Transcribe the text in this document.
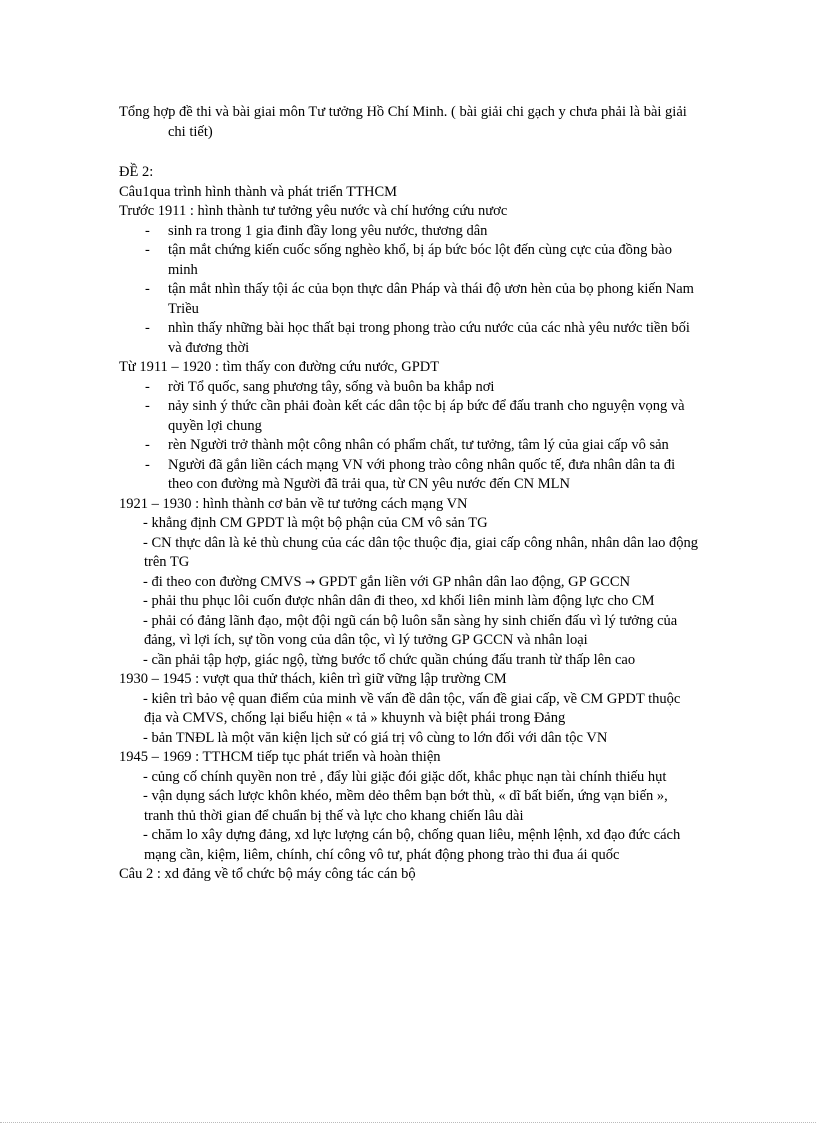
Tổng hợp đề thi và bài giai môn Tư tưởng Hồ Chí Minh. ( bài giải chi gạch y chưa phải là bài giải chi tiết)

ĐỀ 2:

Câu1qua trình hình thành và phát triển TTHCM

Trước 1911 : hình thành tư tưởng yêu nước và chí hướng cứu nươc

- sinh ra trong 1 gia đinh đầy long yêu nước, thương dân
- tận mắt chứng kiến cuốc sống nghèo khổ, bị áp bức bóc lột đến cùng cực của đồng bào minh
- tận mắt nhìn thấy tội ác của bọn thực dân Pháp và thái độ ươn hèn của bọ phong kiến Nam Triều
- nhìn thấy những bài học thất bại trong phong trào cứu nước của các nhà yêu nước tiền bối và đương thời

Từ 1911 – 1920 : tìm thấy con đường cứu nước, GPDT

- rời Tổ quốc, sang phương tây, sống và buôn ba khắp nơi
- nảy sinh ý thức cần phải đoàn kết các dân tộc bị áp bức để đấu tranh cho nguyện vọng và quyền lợi chung
- rèn Người trở thành một công nhân có phẩm chất, tư tưởng, tâm lý của giai cấp vô sản
- Người đã gắn liền cách mạng VN với phong trào công nhân quốc tế, đưa nhân dân ta đi theo con đường mà Người đã trải qua, từ CN yêu nước đến CN MLN

1921 – 1930 : hình thành cơ bản về tư tưởng cách mạng VN

- khẳng định CM GPDT là một bộ phận của CM vô sản TG
- CN thực dân là kẻ thù chung của các dân tộc thuộc địa, giai cấp công nhân, nhân dân lao động trên TG
- đi theo con đường CMVS → GPDT gắn liền với GP nhân dân lao động, GP GCCN
- phải thu phục lôi cuốn được nhân dân đi theo, xd khối liên minh làm động lực cho CM
- phải có đảng lãnh đạo, một đội ngũ cán bộ luôn sẵn sàng hy sinh chiến đấu vì lý tưởng của đảng, vì lợi ích, sự tồn vong của dân tộc, vì lý tưởng GP GCCN và nhân loại
- cần phải tập hợp, giác ngộ, từng bước tổ chức quần chúng đấu tranh từ thấp lên cao

1930 – 1945 : vượt qua thử thách, kiên trì giữ vững lập trường CM

- kiên trì bảo vệ quan điểm của minh về vấn đề dân tộc, vấn đề giai cấp, về CM GPDT thuộc địa và CMVS, chống lại biểu hiện « tả » khuynh và biệt phái trong Đảng
- bản TNĐL là một văn kiện lịch sử có giá trị vô cùng to lớn đối với dân tộc VN

1945 – 1969 : TTHCM tiếp tục phát triển và hoàn thiện

- củng cố chính quyền non trẻ , đẩy lùi giặc đói giặc dốt, khắc phục nạn tài chính thiếu hụt
- vận dụng sách lược khôn khéo, mềm dẻo thêm bạn bớt thù, « dĩ bất biến, ứng vạn biến », tranh thủ thời gian để chuẩn bị thế và lực cho khang chiến lâu dài
- chăm lo xây dựng đảng, xd lực lượng cán bộ, chống quan liêu, mệnh lệnh, xd đạo đức cách mạng cần, kiệm, liêm, chính, chí công vô tư, phát động phong trào thi đua ái quốc

Câu 2 : xd đảng về tổ chức bộ máy công tác cán bộ
